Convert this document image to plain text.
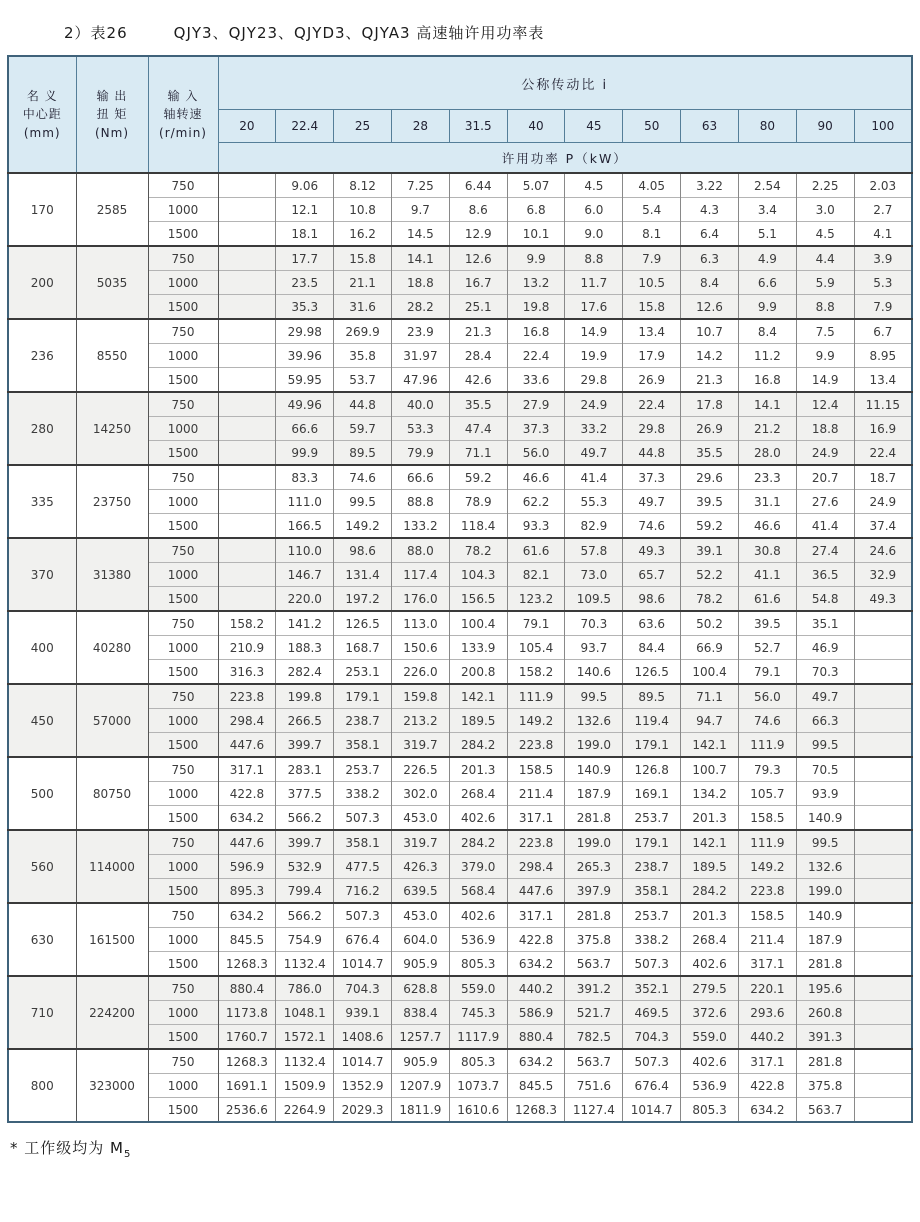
2）表26	QJY3、QJY23、QJYD3、QJYA3 高速轴许用功率表
名 义
中心距
(mm)	输 出
扭 矩
(Nm)	输 入
轴转速
(r/min)	公称传动比 i											
			20	22.4	25	28	31.5	40	45	50	63	80	90	100
			许用功率 P（kW）											
170	2585	750		9.06	8.12	7.25	6.44	5.07	4.5	4.05	3.22	2.54	2.25	2.03
		1000		12.1	10.8	9.7	8.6	6.8	6.0	5.4	4.3	3.4	3.0	2.7
		1500		18.1	16.2	14.5	12.9	10.1	9.0	8.1	6.4	5.1	4.5	4.1
200	5035	750		17.7	15.8	14.1	12.6	9.9	8.8	7.9	6.3	4.9	4.4	3.9
		1000		23.5	21.1	18.8	16.7	13.2	11.7	10.5	8.4	6.6	5.9	5.3
		1500		35.3	31.6	28.2	25.1	19.8	17.6	15.8	12.6	9.9	8.8	7.9
236	8550	750		29.98	269.9	23.9	21.3	16.8	14.9	13.4	10.7	8.4	7.5	6.7
		1000		39.96	35.8	31.97	28.4	22.4	19.9	17.9	14.2	11.2	9.9	8.95
		1500		59.95	53.7	47.96	42.6	33.6	29.8	26.9	21.3	16.8	14.9	13.4
280	14250	750		49.96	44.8	40.0	35.5	27.9	24.9	22.4	17.8	14.1	12.4	11.15
		1000		66.6	59.7	53.3	47.4	37.3	33.2	29.8	26.9	21.2	18.8	16.9
		1500		99.9	89.5	79.9	71.1	56.0	49.7	44.8	35.5	28.0	24.9	22.4
335	23750	750		83.3	74.6	66.6	59.2	46.6	41.4	37.3	29.6	23.3	20.7	18.7
		1000		111.0	99.5	88.8	78.9	62.2	55.3	49.7	39.5	31.1	27.6	24.9
		1500		166.5	149.2	133.2	118.4	93.3	82.9	74.6	59.2	46.6	41.4	37.4
370	31380	750		110.0	98.6	88.0	78.2	61.6	57.8	49.3	39.1	30.8	27.4	24.6
		1000		146.7	131.4	117.4	104.3	82.1	73.0	65.7	52.2	41.1	36.5	32.9
		1500		220.0	197.2	176.0	156.5	123.2	109.5	98.6	78.2	61.6	54.8	49.3
400	40280	750	158.2	141.2	126.5	113.0	100.4	79.1	70.3	63.6	50.2	39.5	35.1	
		1000	210.9	188.3	168.7	150.6	133.9	105.4	93.7	84.4	66.9	52.7	46.9	
		1500	316.3	282.4	253.1	226.0	200.8	158.2	140.6	126.5	100.4	79.1	70.3	
450	57000	750	223.8	199.8	179.1	159.8	142.1	111.9	99.5	89.5	71.1	56.0	49.7	
		1000	298.4	266.5	238.7	213.2	189.5	149.2	132.6	119.4	94.7	74.6	66.3	
		1500	447.6	399.7	358.1	319.7	284.2	223.8	199.0	179.1	142.1	111.9	99.5	
500	80750	750	317.1	283.1	253.7	226.5	201.3	158.5	140.9	126.8	100.7	79.3	70.5	
		1000	422.8	377.5	338.2	302.0	268.4	211.4	187.9	169.1	134.2	105.7	93.9	
		1500	634.2	566.2	507.3	453.0	402.6	317.1	281.8	253.7	201.3	158.5	140.9	
560	114000	750	447.6	399.7	358.1	319.7	284.2	223.8	199.0	179.1	142.1	111.9	99.5	
		1000	596.9	532.9	477.5	426.3	379.0	298.4	265.3	238.7	189.5	149.2	132.6	
		1500	895.3	799.4	716.2	639.5	568.4	447.6	397.9	358.1	284.2	223.8	199.0	
630	161500	750	634.2	566.2	507.3	453.0	402.6	317.1	281.8	253.7	201.3	158.5	140.9	
		1000	845.5	754.9	676.4	604.0	536.9	422.8	375.8	338.2	268.4	211.4	187.9	
		1500	1268.3	1132.4	1014.7	905.9	805.3	634.2	563.7	507.3	402.6	317.1	281.8	
710	224200	750	880.4	786.0	704.3	628.8	559.0	440.2	391.2	352.1	279.5	220.1	195.6	
		1000	1173.8	1048.1	939.1	838.4	745.3	586.9	521.7	469.5	372.6	293.6	260.8	
		1500	1760.7	1572.1	1408.6	1257.7	1117.9	880.4	782.5	704.3	559.0	440.2	391.3	
800	323000	750	1268.3	1132.4	1014.7	905.9	805.3	634.2	563.7	507.3	402.6	317.1	281.8	
		1000	1691.1	1509.9	1352.9	1207.9	1073.7	845.5	751.6	676.4	536.9	422.8	375.8	
		1500	2536.6	2264.9	2029.3	1811.9	1610.6	1268.3	1127.4	1014.7	805.3	634.2	563.7	
* 工作级均为 $M_5$
